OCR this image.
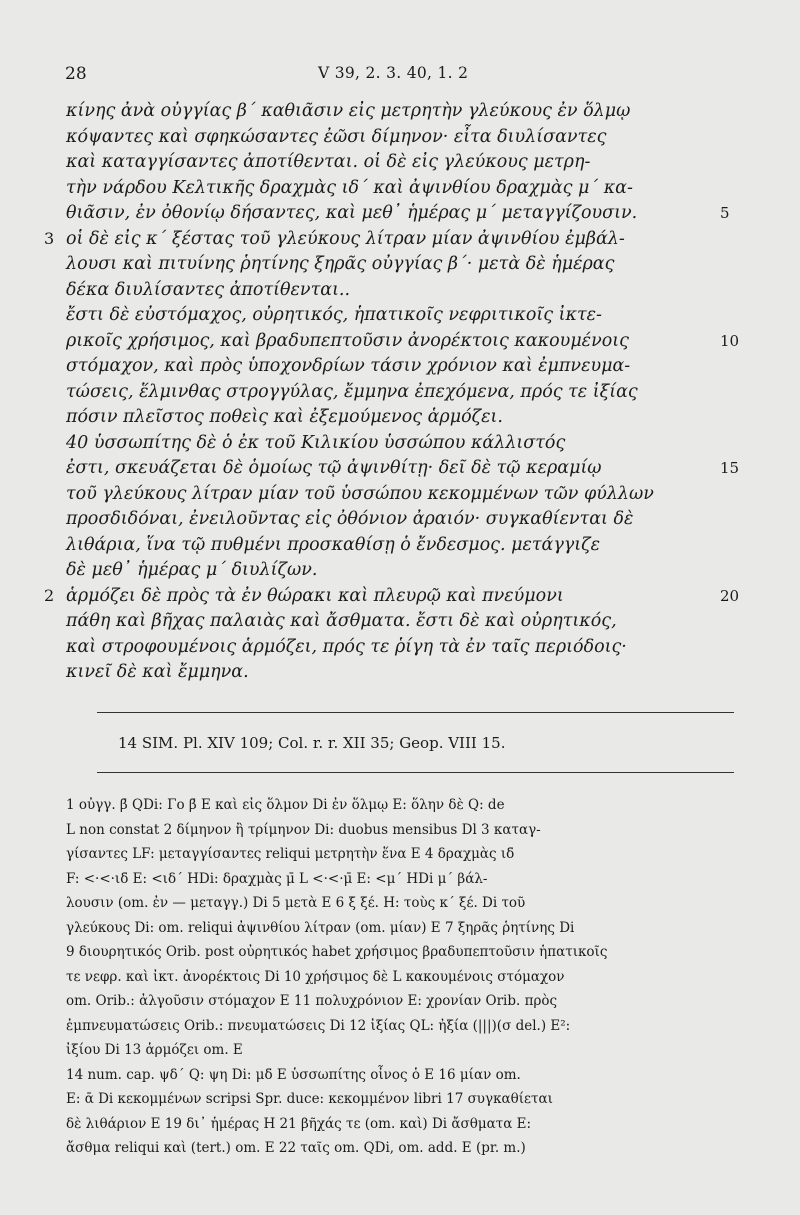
28	V 39, 2. 3. 40, 1. 2
κίνης ἀνὰ οὐγγίας β΄ καθιᾶσιν εἰς μετρητὴν γλεύκους ἐν ὅλμῳ
κόψαντες καὶ σφηκώσαντες ἐῶσι δίμηνον· εἶτα διυλίσαντες
καὶ καταγγίσαντες ἀποτίθενται. οἱ δὲ εἰς γλεύκους μετρη-
τὴν νάρδου Κελτικῆς δραχμὰς ιδ΄ καὶ ἀψινθίου δραχμὰς μ΄ κα-
θιᾶσιν, ἐν ὀθονίῳ δήσαντες, καὶ μεθ᾽ ἡμέρας μ΄ μεταγγίζουσιν.	5
οἱ δὲ εἰς κ΄ ξέστας τοῦ γλεύκους λίτραν μίαν ἀψινθίου ἐμβάλ-
3
λουσι καὶ πιτυίνης ῥητίνης ξηρᾶς οὐγγίας β΄· μετὰ δὲ ἡμέρας
δέκα διυλίσαντες ἀποτίθενται..
ἔστι δὲ εὐστόμαχος, οὐρητικός, ἡπατικοῖς νεφριτικοῖς ἰκτε-
ρικοῖς χρήσιμος, καὶ βραδυπεπτοῦσιν ἀνορέκτοις κακουμένοις	10
στόμαχον, καὶ πρὸς ὑποχονδρίων τάσιν χρόνιον καὶ ἐμπνευμα-
τώσεις, ἕλμινθας στρογγύλας, ἔμμηνα ἐπεχόμενα, πρός τε ἰξίας
πόσιν πλεῖστος ποθεὶς καὶ ἐξεμούμενος ἁρμόζει.
40 ὑσσωπίτης δὲ ὁ ἐκ τοῦ Κιλικίου ὑσσώπου κάλλιστός
ἐστι, σκευάζεται δὲ ὁμοίως τῷ ἀψινθίτῃ· δεῖ δὲ τῷ κεραμίῳ	15
τοῦ γλεύκους λίτραν μίαν τοῦ ὑσσώπου κεκομμένων τῶν φύλλων
προσδιδόναι, ἐνειλοῦντας εἰς ὀθόνιον ἀραιόν· συγκαθίενται δὲ
λιθάρια, ἵνα τῷ πυθμένι προσκαθίσῃ ὁ ἔνδεσμος. μετάγγιζε
δὲ μεθ᾽ ἡμέρας μ΄ διυλίζων.
ἁρμόζει δὲ πρὸς τὰ ἐν θώρακι καὶ πλευρῷ καὶ πνεύμονι	20
2
πάθη καὶ βῆχας παλαιὰς καὶ ἄσθματα. ἔστι δὲ καὶ οὐρητικός,
καὶ στροφουμένοις ἁρμόζει, πρός τε ῥίγη τὰ ἐν ταῖς περιόδοις·
κινεῖ δὲ καὶ ἔμμηνα.
14 SIM. Pl. XIV 109; Col. r. r. XII 35; Geop. VIII 15.
1 οὐγγ. β̄ QDi: Γο β̄ E καὶ εἰς ὅλμον Di ἐν ὅλμῳ E: ὅλην δὲ Q: de
L non constat 2 δίμηνον ἢ τρίμηνον Di: duobus mensibus Dl 3 καταγ-
γίσαντες LF: μεταγγίσαντες reliqui μετρητὴν ἕνα E 4 δραχμὰς ιδ̄
F: <·<·ιδ̄ E: <ιδ΄ HDi: δραχμὰς μ̄ L <·<·μ̄ E: <μ΄ HDi μ΄ βάλ-
λουσιν (om. ἐν — μεταγγ.) Di 5 μετὰ E 6 ξ̄ ξέ. H: τοὺς κ΄ ξέ. Di τοῦ
γλεύκους Di: om. reliqui ἀψινθίου λίτραν (om. μίαν) E 7 ξηρᾶς ῥητίνης Di
9 διουρητικός Orib. post οὐρητικός habet χρήσιμος βραδυπεπτοῦσιν ἡπατικοῖς
τε νεφρ. καὶ ἰκτ. ἀνορέκτοις Di 10 χρήσιμος δὲ L κακουμένοις στόμαχον
om. Orib.: ἀλγοῦσιν στόμαχον E 11 πολυχρόνιον E: χρονίαν Orib. πρὸς
ἐμπνευματώσεις Orib.: πνευματώσεις Di 12 ἰξίας QL: ἠξία (|||)(σ del.) E²:
ἰξίου Di 13 ἁρμόζει om. E
14 num. cap. ψδ΄ Q: ψη Di: μδ̄ E ὑσσωπίτης οἶνος ὁ E 16 μίαν om.
E: ᾱ Di κεκομμένων scripsi Spr. duce: κεκομμένον libri 17 συγκαθίεται
δὲ λιθάριον E 19 δι᾽ ἡμέρας H 21 βῆχάς τε (om. καὶ) Di ἄσθματα E:
ἄσθμα reliqui καὶ (tert.) om. E 22 ταῖς om. QDi, om. add. E (pr. m.)
